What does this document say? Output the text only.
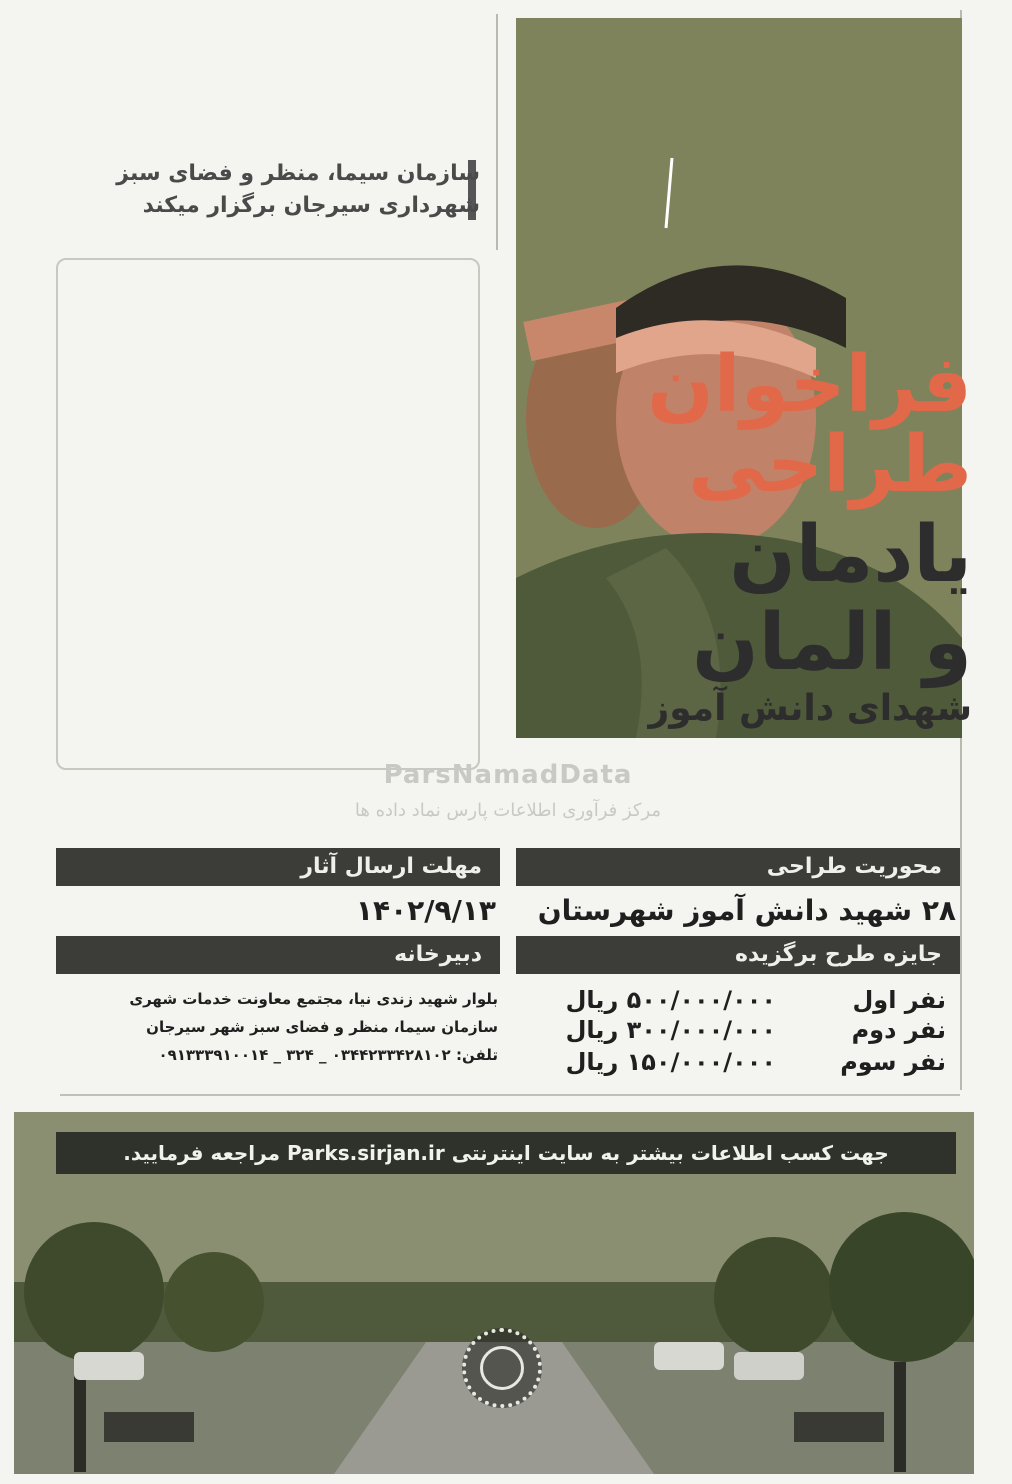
سازمان سیما، منظر و فضای سبز
شهرداری سیرجان برگزار میکند
فراخوان
طراحی
یادمان
و المان
شهدای دانش آموز
ParsNamadData
مرکز فرآوری اطلاعات پارس نماد داده ها
محوریت طراحی
۲۸ شهید دانش آموز شهرستان
مهلت ارسال آثار
۱۴۰۲/۹/۱۳
جایزه طرح برگزیده
نفر اول
۵۰۰/۰۰۰/۰۰۰ ریال
نفر دوم
۳۰۰/۰۰۰/۰۰۰ ریال
نفر سوم
۱۵۰/۰۰۰/۰۰۰ ریال
دبیرخانه
بلوار شهید زندی نیا، مجتمع معاونت خدمات شهری
سازمان سیما، منظر و فضای سبز شهر سیرجان
تلفن: ۰۳۴۴۲۳۳۴۲۸۱۰۲ _ ۳۲۴ _ ۰۹۱۳۳۳۹۱۰۰۱۴
جهت کسب اطلاعات بیشتر به سایت اینترنتی Parks.sirjan.ir مراجعه فرمایید.
